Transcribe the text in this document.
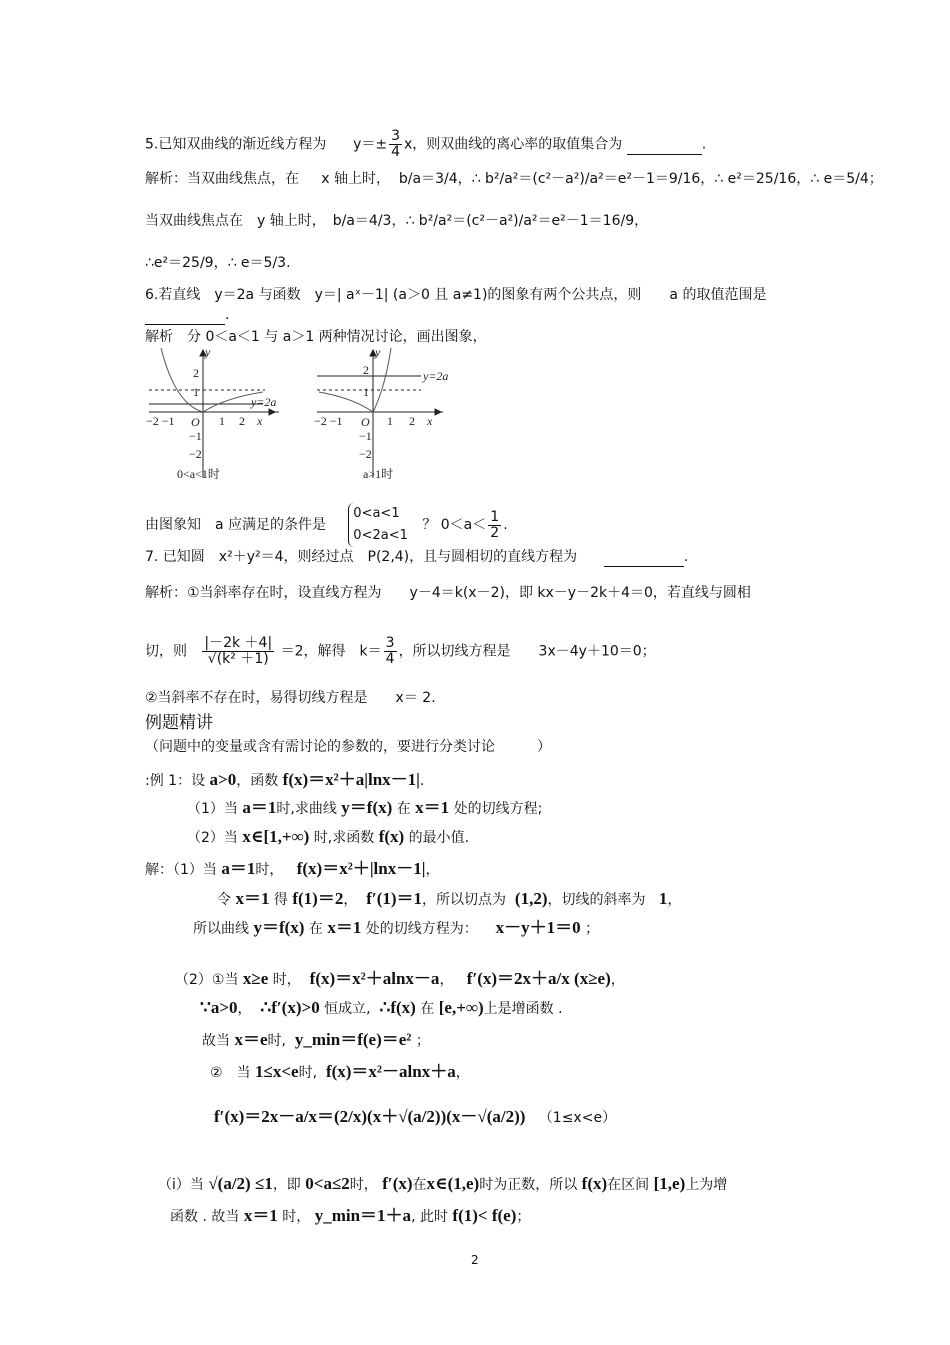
5.已知双曲线的渐近线方程为 $y=\pm \frac{3}{4}$ x，则双曲线的离心率的取值集合为	.
解析：当双曲线焦点，在 x 轴上时， b/a＝3/4，∴ b²/a²＝(c²－a²)/a²＝e²－1＝9/16，∴ e²＝25/16，∴ e＝5/4；
当双曲线焦点在　y 轴上时，　b/a＝4/3，∴ b²/a²＝(c²－a²)/a²＝e²－1＝16/9，
∴e²＝25/9，∴ e＝5/3.
6.若直线　y＝2a 与函数　y＝| aˣ－1| (a＞0 且 a≠1)的图象有两个公共点，则　　a 的取值范围是
.
解析　分 0＜a＜1 与 a＞1 两种情况讨论，画出图象，
2
1
y=2a
−2 −1 O 1 2 x
−1
−2
y
0<a<1时
2
1
y=2a
−2 −1 O 1 2 x
−1
−2
y
a>1时
由图象知　a 应满足的条件是
0<a<1
0<2a<1
？ $0<a< \frac{1}{2}$ .
7. 已知圆　x²＋y²＝4，则经过点　P(2,4)，且与圆相切的直线方程为	.
解析：①当斜率存在时，设直线方程为　　y－4＝k(x－2)，即 kx－y－2k＋4＝0，若直线与圆相
切，则 $\frac{|-2k +4|}{\text{√(k² ＋1)}} =2$，解得　$k= \frac{3}{4}$ ，所以切线方程是　　3x－4y＋10＝0；
②当斜率不存在时，易得切线方程是　　x＝ 2.
例题精讲
（问题中的变量或含有需讨论的参数的，要进行分类讨论　　　）
:例 1：设 a>0，函数 f(x)＝x²＋a|lnx－1|.
（1）当 a＝1时,求曲线 y＝f(x) 在 x＝1 处的切线方程;
（2）当 x∈[1,+∞) 时,求函数 f(x) 的最小值.
解：（1）当 a＝1时， f(x)＝x²＋|lnx－1|，
令 x＝1 得 f(1)＝2， f′(1)＝1，所以切点为 (1,2)，切线的斜率为 1，
所以曲线 y＝f(x) 在 x＝1 处的切线方程为： x－y＋1＝0 ；
（2）①当 x≥e 时， f(x)＝x²＋alnx－a， f′(x)＝2x＋a/x (x≥e)，
∵a>0， ∴f′(x)>0 恒成立, ∴f(x) 在 [e,+∞)上是增函数 .
故当 x＝e时, y_min＝f(e)＝e² ；
②　当 1≤x<e时, f(x)＝x²－alnx＋a，
f′(x)＝2x－a/x＝(2/x)(x＋√(a/2))(x－√(a/2)) （1≤x<e）
（i）当 √(a/2) ≤1，即 0<a≤2时， f′(x)在x∈(1,e)时为正数，所以 f(x)在区间 [1,e)上为增
函数 . 故当 x＝1 时， y_min＝1＋a, 此时 f(1)< f(e)；
2
